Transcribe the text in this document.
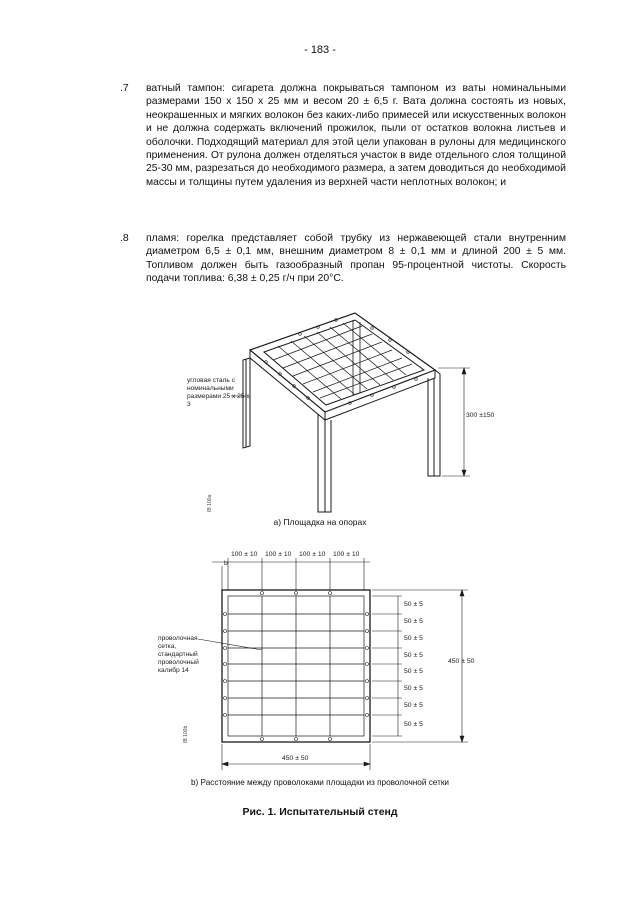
- 183 -
.7 ватный тампон: сигарета должна покрываться тампоном из ваты номинальными размерами 150 x 150 x 25 мм и весом 20 ± 6,5 г. Вата должна состоять из новых, неокрашенных и мягких волокон без каких-либо примесей или искусственных волокон и не должна содержать включений прожилок, пыли от остатков волокна листьев и оболочки. Подходящий материал для этой цели упакован в рулоны для медицинского применения. От рулона должен отделяться участок в виде отдельного слоя толщиной 25-30 мм, разрезаться до необходимого размера, а затем доводиться до необходимой массы и толщины путем удаления из верхней части неплотных волокон; и
.8 пламя: горелка представляет собой трубку из нержавеющей стали внутренним диаметром 6,5 ± 0,1 мм, внешним диаметром 8 ± 0,1 мм и длиной 200 ± 5 мм. Топливом должен быть газообразный пропан 95-процентной чистоты. Скорость подачи топлива: 6,38 ± 0,25 г/ч при 20°C.
угловая сталь с номинальными размерами 25 x 25 x 3
300 ±150
IB 100a
а) Площадка на опорах
100 ± 10 100 ± 10 100 ± 10 100 ± 10
b
50 ± 5
50 ± 5
50 ± 5
50 ± 5
50 ± 5
50 ± 5
50 ± 5
50 ± 5
450 ± 50
450 ± 50
проволочная сетка, стандартный проволочный калибр 14
IB 100b
b) Расстояние между проволоками площадки из проволочной сетки
Рис. 1. Испытательный стенд
